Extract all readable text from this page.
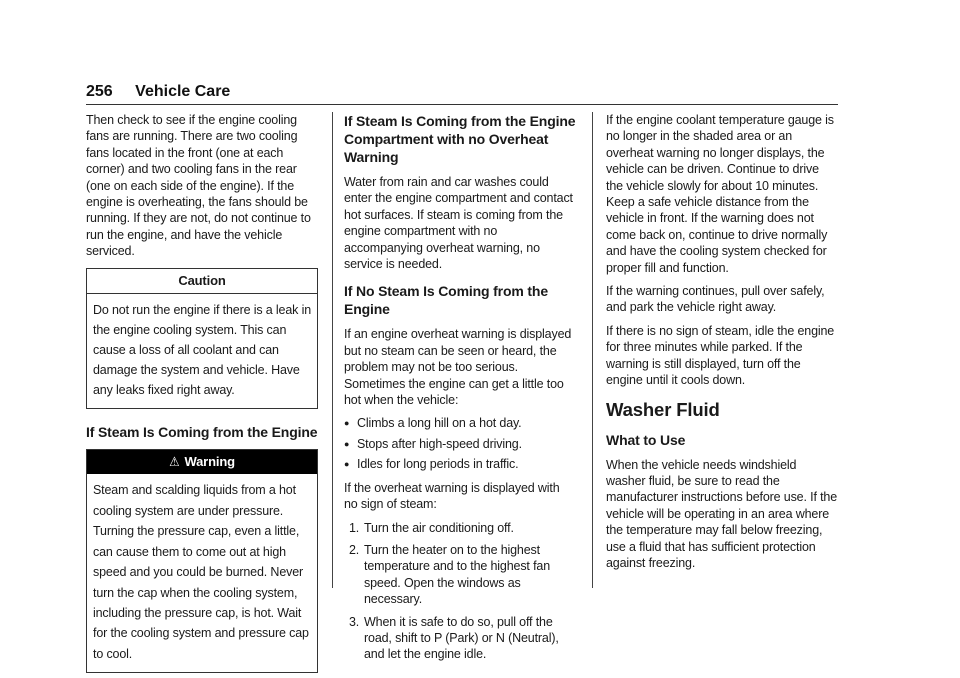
256 Vehicle Care

Then check to see if the engine cooling fans are running. There are two cooling fans located in the front (one at each corner) and two cooling fans in the rear (one on each side of the engine). If the engine is overheating, the fans should be running. If they are not, do not continue to run the engine, and have the vehicle serviced.

Caution
Do not run the engine if there is a leak in the engine cooling system. This can cause a loss of all coolant and can damage the system and vehicle. Have any leaks fixed right away.
If Steam Is Coming from the Engine
⚠ Warning
Steam and scalding liquids from a hot cooling system are under pressure. Turning the pressure cap, even a little, can cause them to come out at high speed and you could be burned. Never turn the cap when the cooling system, including the pressure cap, is hot. Wait for the cooling system and pressure cap to cool.
If Steam Is Coming from the Engine Compartment with no Overheat Warning

Water from rain and car washes could enter the engine compartment and contact hot surfaces. If steam is coming from the engine compartment with no accompanying overheat warning, no service is needed.

If No Steam Is Coming from the Engine

If an engine overheat warning is displayed but no steam can be seen or heard, the problem may not be too serious. Sometimes the engine can get a little too hot when the vehicle:

● Climbs a long hill on a hot day.
● Stops after high-speed driving.
● Idles for long periods in traffic.

If the overheat warning is displayed with no sign of steam:

1. Turn the air conditioning off.
2. Turn the heater on to the highest temperature and to the highest fan speed. Open the windows as necessary.
3. When it is safe to do so, pull off the road, shift to P (Park) or N (Neutral), and let the engine idle.

If the engine coolant temperature gauge is no longer in the shaded area or an overheat warning no longer displays, the vehicle can be driven. Continue to drive the vehicle slowly for about 10 minutes. Keep a safe vehicle distance from the vehicle in front. If the warning does not come back on, continue to drive normally and have the cooling system checked for proper fill and function.

If the warning continues, pull over safely, and park the vehicle right away.

If there is no sign of steam, idle the engine for three minutes while parked. If the warning is still displayed, turn off the engine until it cools down.

Washer Fluid
What to Use

When the vehicle needs windshield washer fluid, be sure to read the manufacturer instructions before use. If the vehicle will be operating in an area where the temperature may fall below freezing, use a fluid that has sufficient protection against freezing.
